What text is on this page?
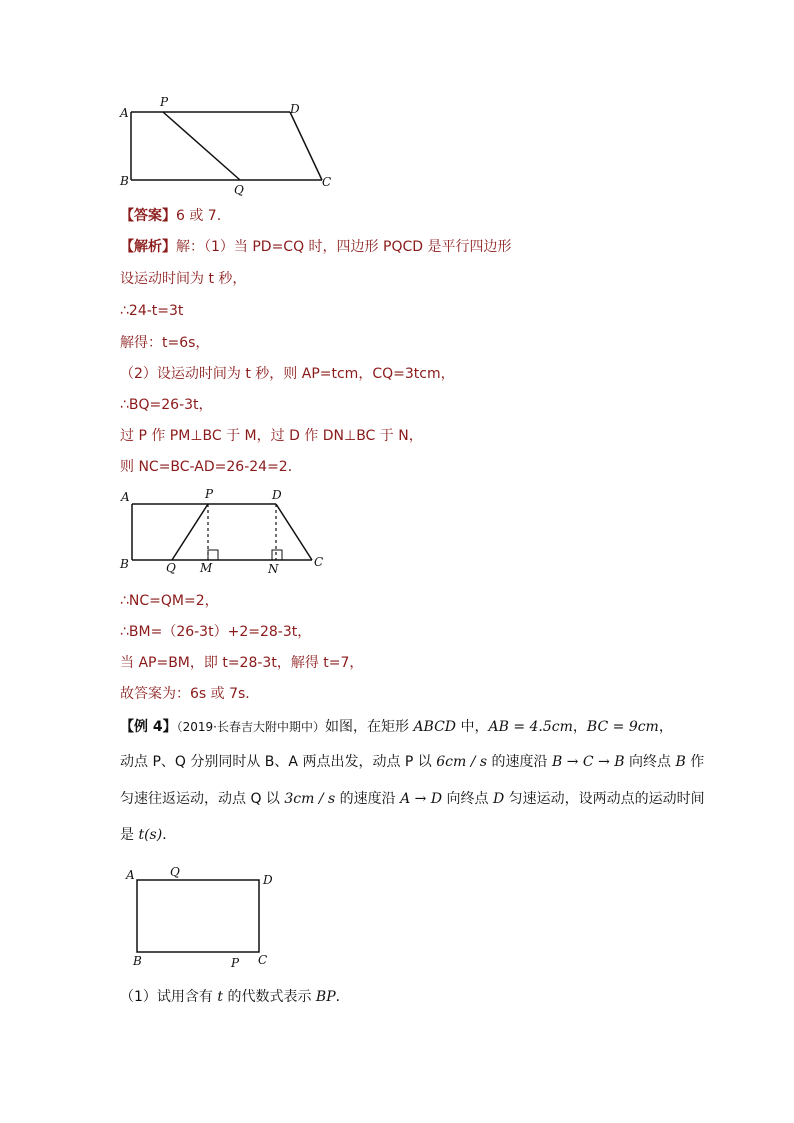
A
P	D
B
Q
C
【答案】6 或 7.
【解析】解：（1）当 PD=CQ 时，四边形 PQCD 是平行四边形
设运动时间为 t 秒，
∴24-t=3t
解得：t=6s，
（2）设运动时间为 t 秒，则 AP=tcm，CQ=3tcm，
∴BQ=26-3t，
过 P 作 PM⊥BC 于 M，过 D 作 DN⊥BC 于 N，
则 NC=BC-AD=26-24=2．
A	P	D
B	Q M	N	C
∴NC=QM=2，
∴BM=（26-3t）+2=28-3t，
当 AP=BM，即 t=28-3t，解得 t=7，
故答案为：6s 或 7s．
【例 4】（2019·长春吉大附中期中）如图，在矩形 ABCD 中，AB = 4.5cm，BC = 9cm，
动点 P、Q 分别同时从 B、A 两点出发，动点 P 以 6cm / s 的速度沿 B → C → B 向终点 B 作
匀速往返运动，动点 Q 以 3cm / s 的速度沿 A → D 向终点 D 匀速运动，设两动点的运动时间
是 t(s)．
A	Q
D
B	P C
（1）试用含有 t 的代数式表示 BP．
